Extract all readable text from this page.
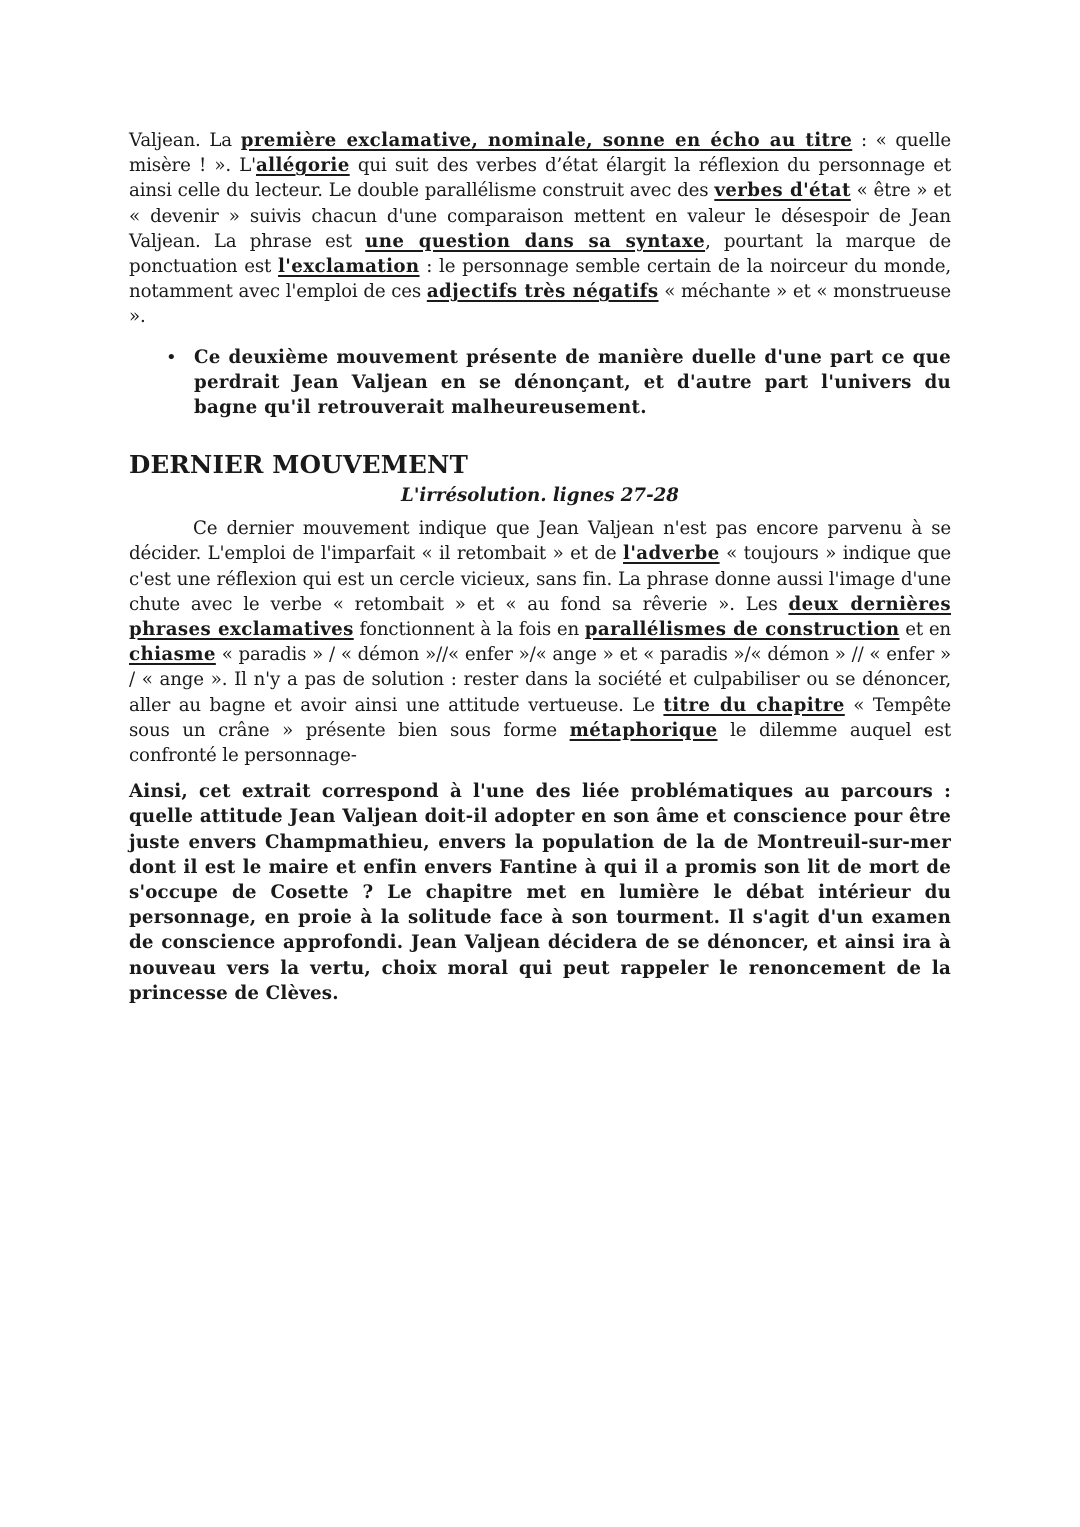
Valjean. La première exclamative, nominale, sonne en écho au titre : « quelle misère ! ». L'allégorie qui suit des verbes d’état élargit la réflexion du personnage et ainsi celle du lecteur. Le double parallélisme construit avec des verbes d'état « être » et « devenir » suivis chacun d'une comparaison mettent en valeur le désespoir de Jean Valjean. La phrase est une question dans sa syntaxe, pourtant la marque de ponctuation est l'exclamation : le personnage semble certain de la noirceur du monde, notamment avec l'emploi de ces adjectifs très négatifs « méchante » et « monstrueuse ».

• Ce deuxième mouvement présente de manière duelle d'une part ce que perdrait Jean Valjean en se dénonçant, et d'autre part l'univers du bagne qu'il retrouverait malheureusement.
DERNIER MOUVEMENT
L'irrésolution. lignes 27-28

Ce dernier mouvement indique que Jean Valjean n'est pas encore parvenu à se décider. L'emploi de l'imparfait « il retombait » et de l'adverbe « toujours » indique que c'est une réflexion qui est un cercle vicieux, sans fin. La phrase donne aussi l'image d'une chute avec le verbe « retombait » et « au fond sa rêverie ». Les deux dernières phrases exclamatives fonctionnent à la fois en parallélismes de construction et en chiasme « paradis » / « démon »//« enfer »/« ange » et « paradis »/« démon » // « enfer » / « ange ». Il n'y a pas de solution : rester dans la société et culpabiliser ou se dénoncer, aller au bagne et avoir ainsi une attitude vertueuse. Le titre du chapitre « Tempête sous un crâne » présente bien sous forme métaphorique le dilemme auquel est confronté le personnage-

Ainsi, cet extrait correspond à l'une des liée problématiques au parcours : quelle attitude Jean Valjean doit-il adopter en son âme et conscience pour être juste envers Champmathieu, envers la population de la de Montreuil-sur-mer dont il est le maire et enfin envers Fantine à qui il a promis son lit de mort de s'occupe de Cosette ? Le chapitre met en lumière le débat intérieur du personnage, en proie à la solitude face à son tourment. Il s'agit d'un examen de conscience approfondi. Jean Valjean décidera de se dénoncer, et ainsi ira à nouveau vers la vertu, choix moral qui peut rappeler le renoncement de la princesse de Clèves.
